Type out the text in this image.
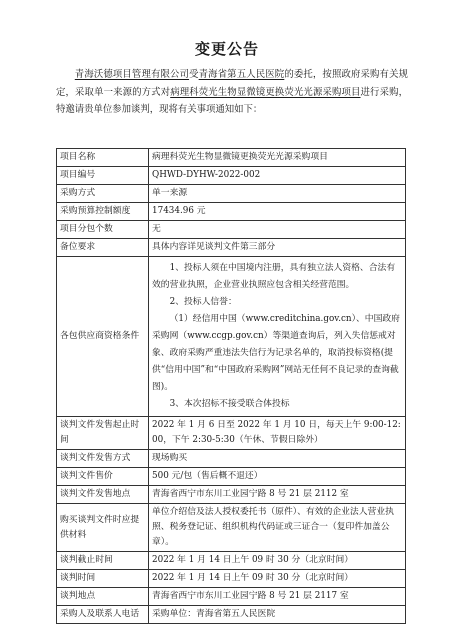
变更公告

青海沃德项目管理有限公司受青海省第五人民医院的委托，按照政府采购有关规定，采取单一来源的方式对病理科荧光生物显微镜更换荧光光源采购项目进行采购，特邀请贵单位参加谈判，现将有关事项通知如下：

项目名称	病理科荧光生物显微镜更换荧光光源采购项目
项目编号	QHWD-DYHW-2022-002
采购方式	单一来源
采购预算控制额度	17434.96 元
项目分包个数	无
备位要求	具体内容详见谈判文件第三部分
各包供应商资格条件	1、投标人须在中国境内注册，具有独立法人资格、合法有效的营业执照，企业营业执照应包含相关经营范围。

2、投标人信誉：

（1）经信用中国（www.creditchina.gov.cn）、中国政府采购网（www.ccgp.gov.cn）等渠道查询后，列入失信惩戒对象、政府采购严重违法失信行为记录名单的，取消投标资格(提供“信用中国”和“中国政府采购网”网站无任何不良记录的查询截图)。

3、本次招标不接受联合体投标

谈判文件发售起止时间	2022 年 1 月 6 日至 2022 年 1 月 10 日，每天上午 9:00-12:00，下午 2:30-5:30（午休、节假日除外）
谈判文件发售方式	现场购买
谈判文件售价	500 元/包（售后概不退还）
谈判文件发售地点	青海省西宁市东川工业园宁路 8 号 21 层 2112 室
购买谈判文件时应提供材料	单位介绍信及法人授权委托书（原件）、有效的企业法人营业执照、税务登记证、组织机构代码证或三证合一（复印件加盖公章）。
谈判截止时间	2022 年 1 月 14 日上午 09 时 30 分（北京时间）
谈判时间	2022 年 1 月 14 日上午 09 时 30 分（北京时间）
谈判地点	青海省西宁市东川工业园宁路 8 号 21 层 2117 室
采购人及联系人电话	采购单位：青海省第五人民医院
